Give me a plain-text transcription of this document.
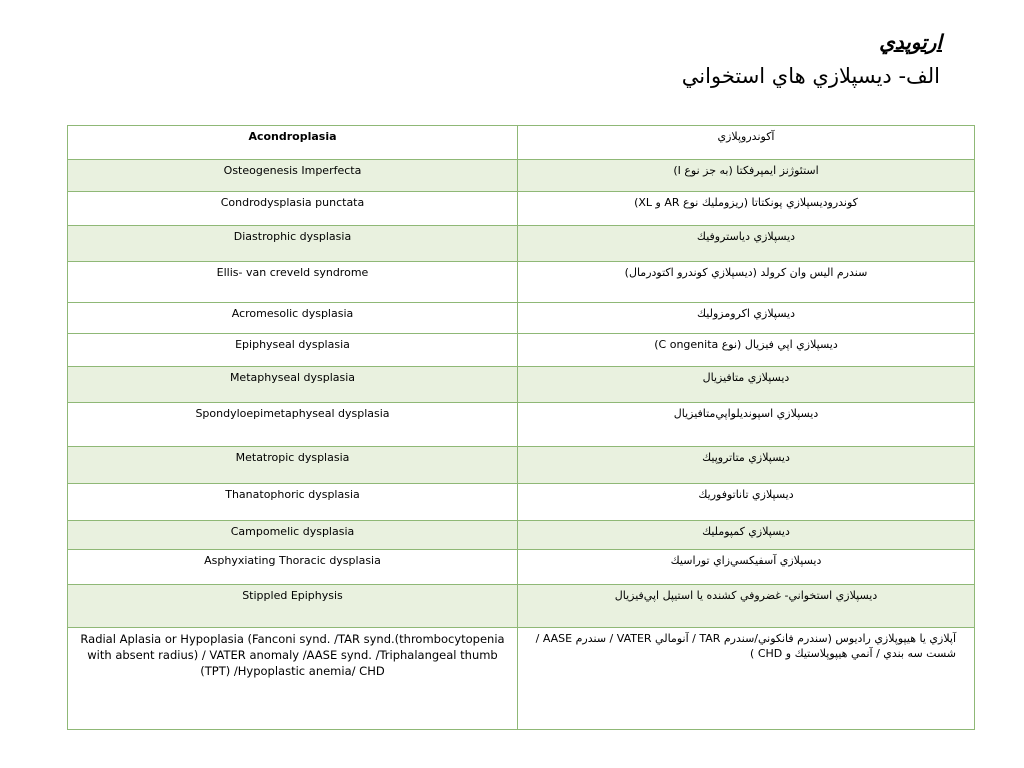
ارتوپدي
الف- ديسپلازي هاي استخواني
Acondroplasia	آكوندروپلازي
Osteogenesis Imperfecta	استئوژنز ايمپرفكتا (به جز نوع I)
Condrodysplasia punctata	كوندروديسپلازي پونكتاتا (ريزومليك نوع AR و XL)
Diastrophic dysplasia	ديسپلازي دياستروفيك
Ellis- van creveld syndrome	سندرم اليس وان كرولد (ديسپلازي كوندرو اكتودرمال)
Acromesolic dysplasia	ديسپلازي اكرومزوليك
Epiphyseal dysplasia	ديسپلازي اپي فيزيال (نوع C ongenita)
Metaphyseal dysplasia	ديسپلازي متافيزيال
Spondyloepimetaphyseal dysplasia	ديسپلازي اسپونديلواپي‌متافيزيال
Metatropic dysplasia	ديسپلازي متاتروپيك
Thanatophoric dysplasia	ديسپلازي تاناتوفوريك
Campomelic dysplasia	ديسپلازي كمپومليك
Asphyxiating Thoracic dysplasia	ديسپلازي آسفيكسي‌زاي توراسيك
Stippled Epiphysis	ديسپلازي استخواني- غضروفي كشنده يا استيپل اپي‌فيزيال
Radial Aplasia or Hypoplasia (Fanconi synd. /TAR synd.(thrombocytopenia with absent radius) / VATER anomaly /AASE synd. /Triphalangeal thumb (TPT) /Hypoplastic anemia/ CHD	آپلازي يا هيپوپلازي راديوس (سندرم فانكوني/سندرم TAR / آنومالي VATER / سندرم AASE / شست سه بندي / آنمي هيپوپلاستيك و CHD )
